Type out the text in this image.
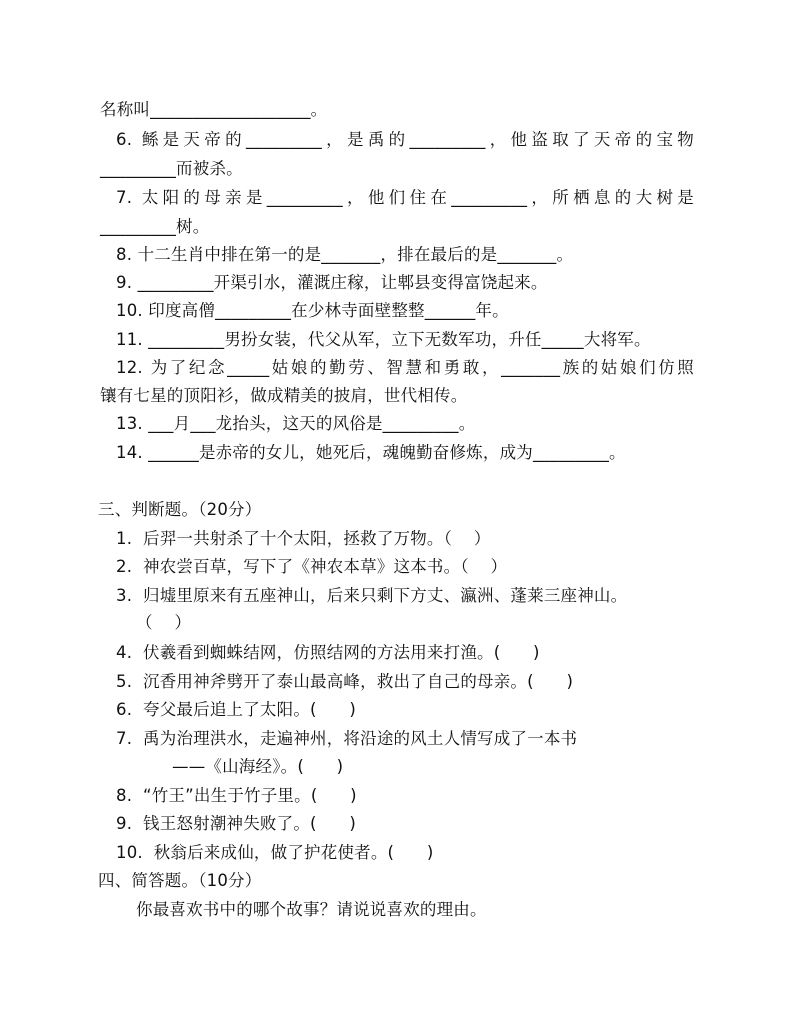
名称叫___________________。
6. 鲧是天帝的_________，是禹的_________，他盗取了天帝的宝物
_________而被杀。
7. 太阳的母亲是_________，他们住在_________，所栖息的大树是
_________树。
8. 十二生肖中排在第一的是_______，排在最后的是_______。
9. _________开渠引水，灌溉庄稼，让郫县变得富饶起来。
10. 印度高僧_________在少林寺面壁整整______年。
11. _________男扮女装，代父从军，立下无数军功，升任_____大将军。
12. 为了纪念_____姑娘的勤劳、智慧和勇敢，_______族的姑娘们仿照
镶有七星的顶阳衫，做成精美的披肩，世代相传。
13. ___月___龙抬头，这天的风俗是_________。
14. ______是赤帝的女儿，她死后，魂魄勤奋修炼，成为_________。
三、判断题。（20分）
1.  后羿一共射杀了十个太阳，拯救了万物。（    ）
2.  神农尝百草，写下了《神农本草》这本书。（    ）
3.  归墟里原来有五座神山，后来只剩下方丈、瀛洲、蓬莱三座神山。
（    ）
4.  伏羲看到蜘蛛结网，仿照结网的方法用来打渔。(      )
5.  沉香用神斧劈开了泰山最高峰，救出了自己的母亲。(      )
6.  夸父最后追上了太阳。(      )
7.  禹为治理洪水，走遍神州，将沿途的风土人情写成了一本书
——《山海经》。(      )
8.  “竹王”出生于竹子里。(      )
9.  钱王怒射潮神失败了。(      )
10.  秋翁后来成仙，做了护花使者。(      )
四、简答题。（10分）
你最喜欢书中的哪个故事？请说说喜欢的理由。
